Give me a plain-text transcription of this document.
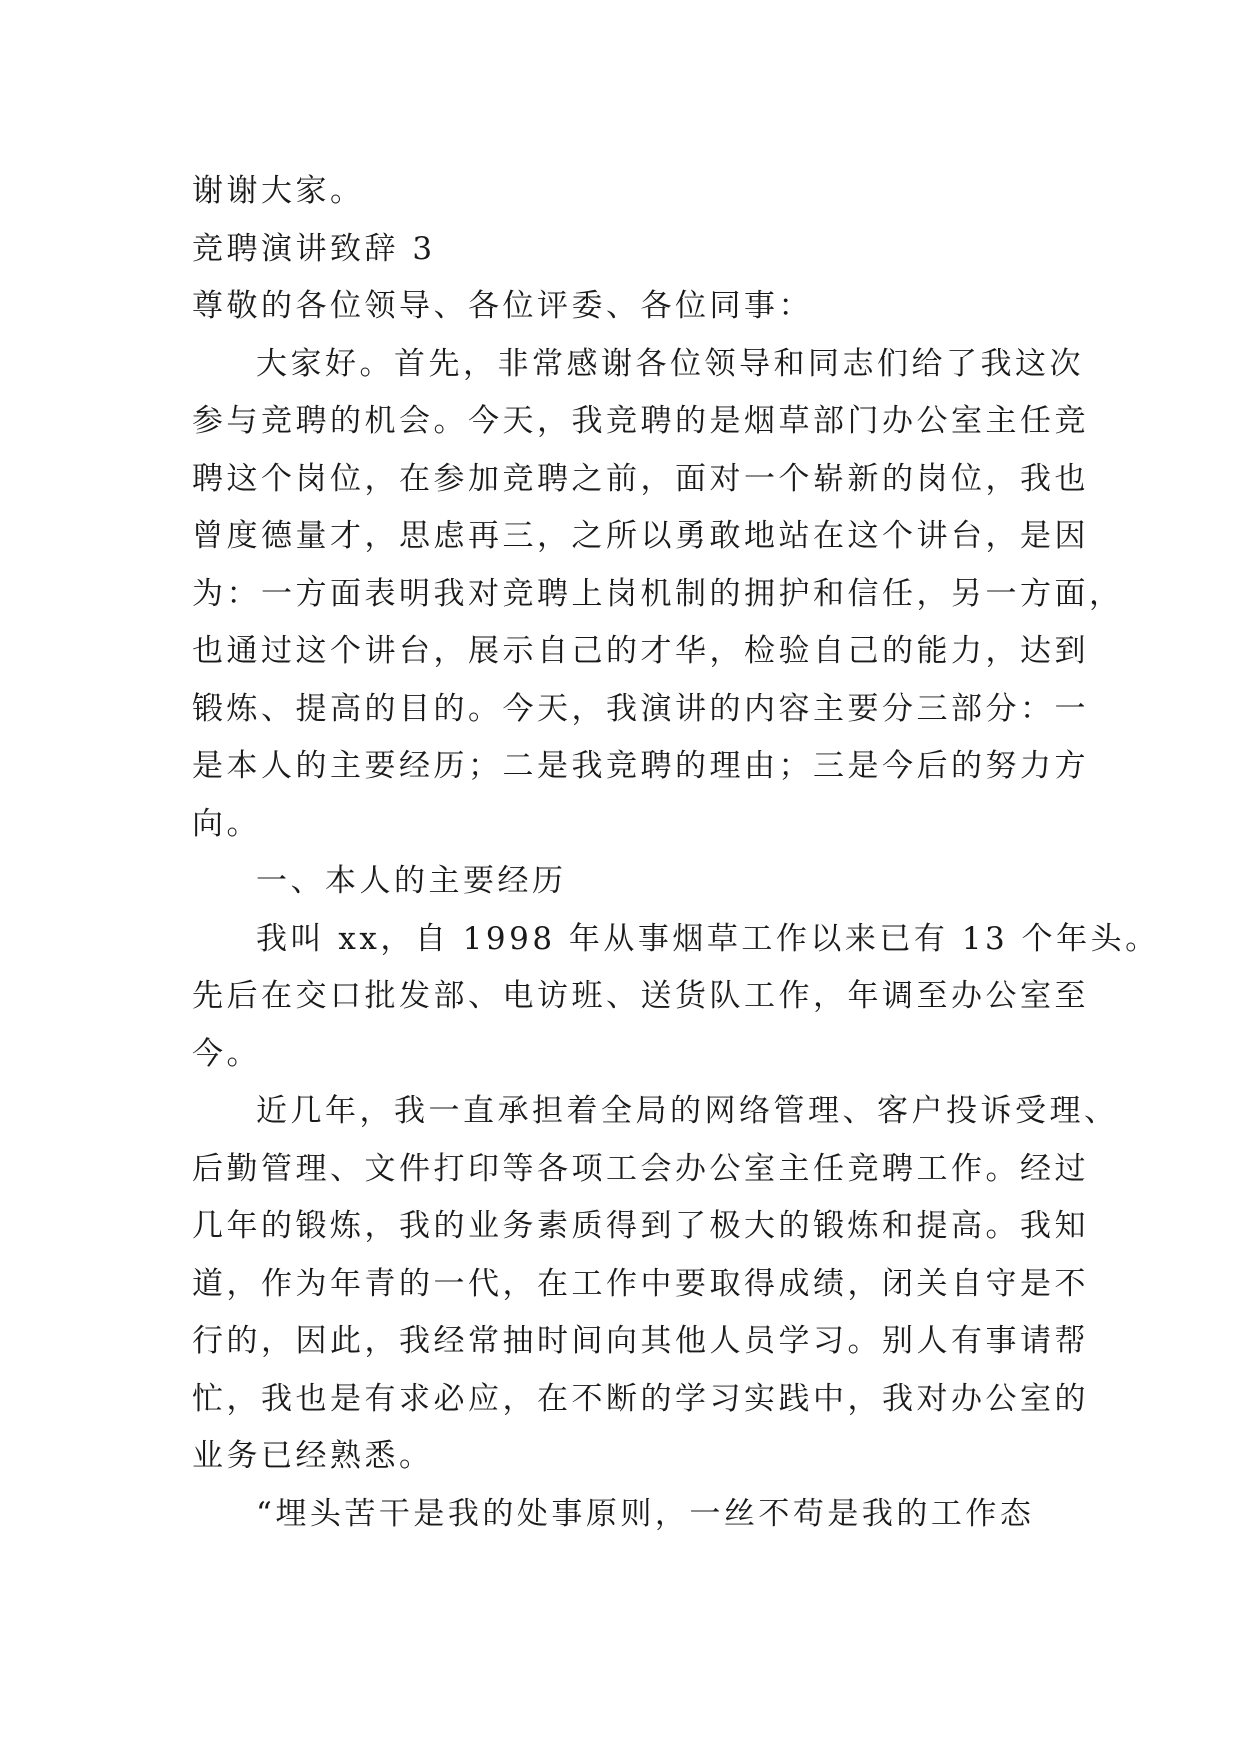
谢谢大家。
竞聘演讲致辞 3
尊敬的各位领导、各位评委、各位同事：
大家好。首先，非常感谢各位领导和同志们给了我这次
参与竞聘的机会。今天，我竞聘的是烟草部门办公室主任竞
聘这个岗位，在参加竞聘之前，面对一个崭新的岗位，我也
曾度德量才，思虑再三，之所以勇敢地站在这个讲台，是因
为：一方面表明我对竞聘上岗机制的拥护和信任，另一方面，
也通过这个讲台，展示自己的才华，检验自己的能力，达到
锻炼、提高的目的。今天，我演讲的内容主要分三部分：一
是本人的主要经历；二是我竞聘的理由；三是今后的努力方
向。
一、本人的主要经历
我叫 xx，自 1998 年从事烟草工作以来已有 13 个年头。
先后在交口批发部、电访班、送货队工作，年调至办公室至
今。
近几年，我一直承担着全局的网络管理、客户投诉受理、
后勤管理、文件打印等各项工会办公室主任竞聘工作。经过
几年的锻炼，我的业务素质得到了极大的锻炼和提高。我知
道，作为年青的一代，在工作中要取得成绩，闭关自守是不
行的，因此，我经常抽时间向其他人员学习。别人有事请帮
忙，我也是有求必应，在不断的学习实践中，我对办公室的
业务已经熟悉。
“埋头苦干是我的处事原则，一丝不苟是我的工作态
